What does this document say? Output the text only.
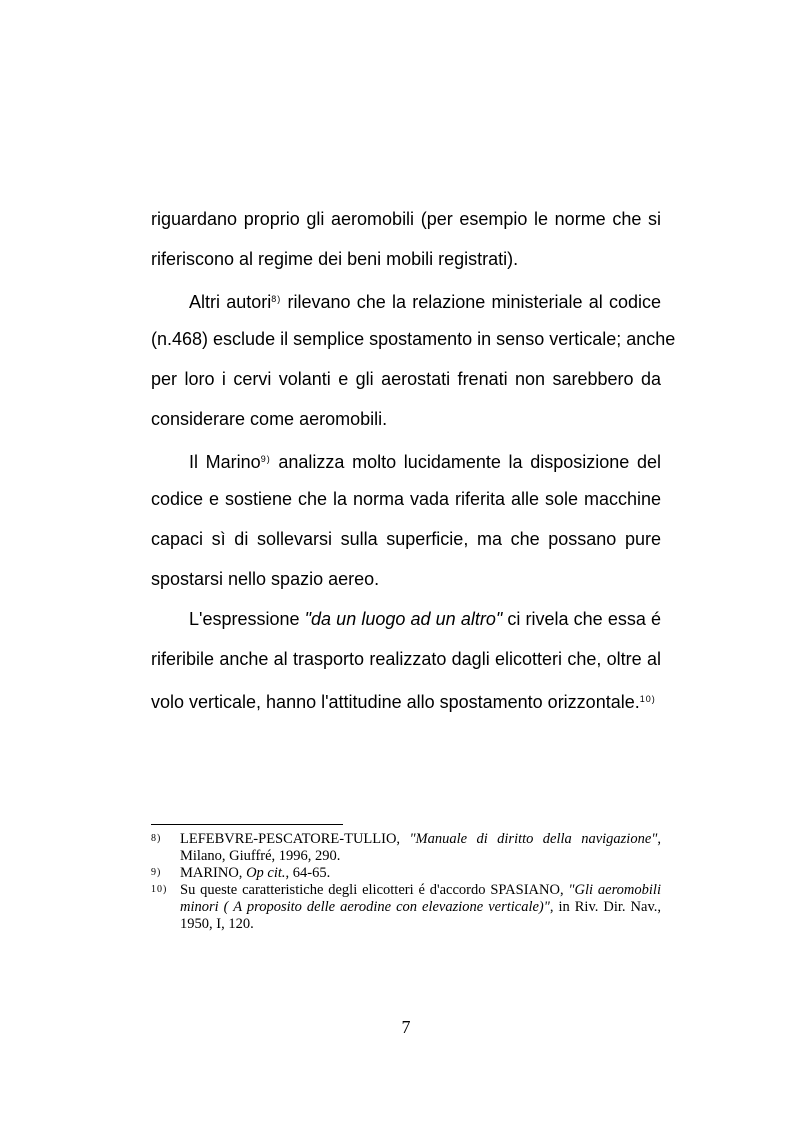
riguardano proprio gli aeromobili (per esempio le norme che si

riferiscono al regime dei beni mobili registrati).

Altri autori$^{8)}$ rilevano che la relazione ministeriale al codice

(n.468) esclude il semplice spostamento in senso verticale; anche

per loro i cervi volanti e gli aerostati frenati non sarebbero da

considerare come aeromobili.

Il Marino$^{9)}$ analizza molto lucidamente la disposizione del

codice e sostiene che la norma vada riferita alle sole macchine

capaci sì di sollevarsi sulla superficie, ma che possano pure

spostarsi nello spazio aereo.

L'espressione "da un luogo ad un altro" ci rivela che essa é

riferibile anche al trasporto realizzato dagli elicotteri che, oltre al

volo verticale, hanno l'attitudine allo spostamento orizzontale.$^{10)}$

8) LEFEBVRE-PESCATORE-TULLIO, "Manuale di diritto della navigazione",

Milano, Giuffré, 1996, 290.

9) MARINO, Op cit., 64-65.

10) Su queste caratteristiche degli elicotteri é d'accordo SPASIANO, "Gli aeromobili

minori ( A proposito delle aerodine con elevazione verticale)", in Riv. Dir. Nav.,

1950, I, 120.

7
